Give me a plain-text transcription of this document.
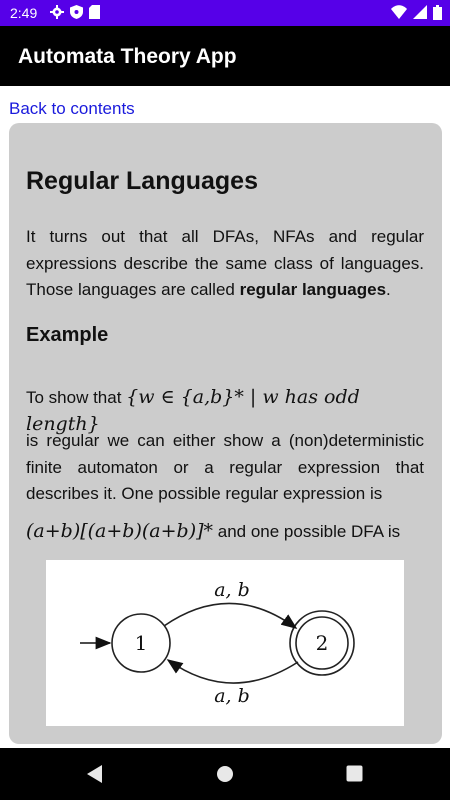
2:49
Automata Theory App
Back to contents
Regular Languages
It turns out that all DFAs, NFAs and regular expressions describe the same class of languages. Those languages are called regular languages.
Example
To show that {w ∈ {a,b}* | w has odd length}
is regular we can either show a (non)deterministic finite automaton or a regular expression that describes it. One possible regular expression is
(a+b)[(a+b)(a+b)]* and one possible DFA is
1	2
a, b
a, b
